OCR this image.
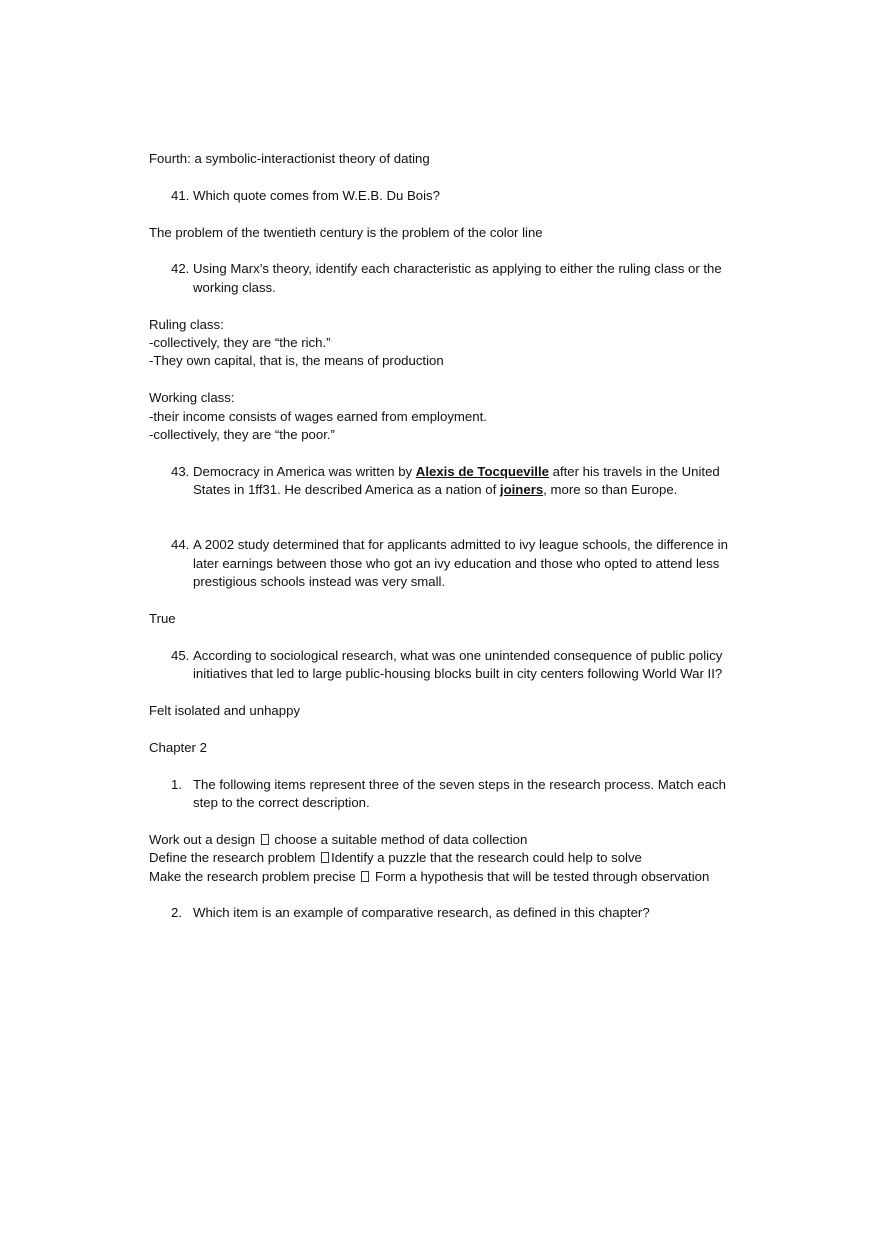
Fourth: a symbolic-interactionist theory of dating

41. Which quote comes from W.E.B. Du Bois?

The problem of the twentieth century is the problem of the color line

42. Using Marx’s theory, identify each characteristic as applying to either the ruling class or the working class.

Ruling class:

-collectively, they are “the rich.”

-They own capital, that is, the means of production

Working class:

-their income consists of wages earned from employment.

-collectively, they are “the poor.”

43. Democracy in America was written by Alexis de Tocqueville after his travels in the United States in 1ff31. He described America as a nation of joiners, more so than Europe.
44. A 2002 study determined that for applicants admitted to ivy league schools, the difference in later earnings between those who got an ivy education and those who opted to attend less prestigious schools instead was very small.

True

45. According to sociological research, what was one unintended consequence of public policy initiatives that led to large public-housing blocks built in city centers following World War II?

Felt isolated and unhappy

Chapter 2

1. The following items represent three of the seven steps in the research process. Match each step to the correct description.

Work out a design  choose a suitable method of data collection

Define the research problem Identify a puzzle that the research could help to solve

Make the research problem precise  Form a hypothesis that will be tested through observation

2. Which item is an example of comparative research, as defined in this chapter?
